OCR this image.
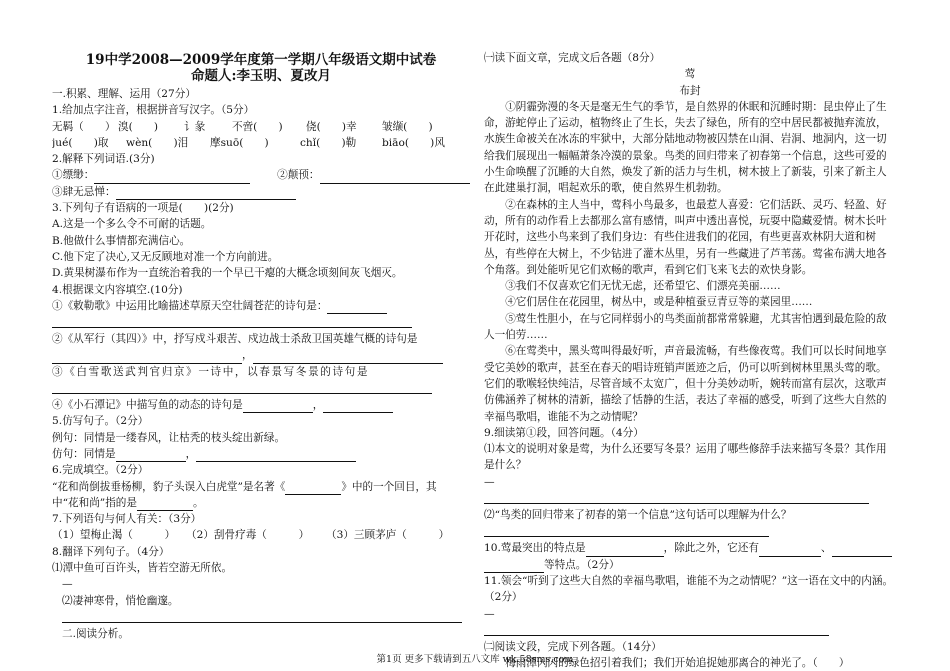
19中学2008—2009学年度第一学期八年级语文期中试卷
命题人:李玉明、夏改月
一.积累、理解、运用（27分）
1.给加点字注音，根据拼音写汉字。（5分）
无羁（　　） 溴(　　) 讠彖	不啻(　　) 侥(　　)幸 皱缬(　　)
jué(　　)取 wèn(　　)泪 摩suō(　　)	chǐ(　　)勒 biāo(　　)风
2.解释下列词语.(3分)
①缥缈：	②颠顸：
③肆无忌惮：
3.下列句子有语病的一项是(　　)(2分)
A.这是一个多么令不可耐的话题。
B.他做什么事情都充满信心。
C.他下定了决心,又无反顾地对准一个方向前进。
D.黄果树瀑布作为一直统治着我的一个早已干瘪的大概念顷刻间灰飞烟灭。
4.根据课文内容填空.(10分)
①《敕勒歌》中运用比喻描述草原天空壮阔苍茫的诗句是：
②《从军行（其四）》中，抒写戍斗艰苦、戍边战士杀敌卫国英雄气概的诗句是
，
③《白雪歌送武判官归京》一诗中，以春景写冬景的诗句是
④《小石潭记》中描写鱼的动态的诗句是	，
5.仿写句子。（2分）
例句：同情是一缕春风，让枯秃的枝头绽出新绿。
仿句：同情是	，
6.完成填空。（2分）
“花和尚倒拔垂杨柳，豹子头误入白虎堂”是名著《	》中的一个回目，其
中“花和尚”指的是	。
7.下列语句与何人有关：（3分）
（1）望梅止渴（　　　） （2）刮骨疗毒（　　　） （3）三顾茅庐（　　　）
8.翻译下列句子。（4分）
⑴潭中鱼可百许头，皆若空游无所依。
—
⑵凄神寒骨，悄怆幽邃。
二.阅读分析。
㈠读下面文章，完成文后各题（8分）
莺
布封
①阴霾弥漫的冬天是毫无生气的季节，是自然界的休眠和沉睡时期：昆虫停止了生命，游蛇停止了运动，植物终止了生长，失去了绿色，所有的空中居民都被抛弃流放，水族生命被关在冰冻的牢狱中，大部分陆地动物被囚禁在山洞、岩洞、地洞内，这一切给我们展现出一幅幅萧条冷漠的景象。鸟类的回归带来了初春第一个信息，这些可爱的小生命唤醒了沉睡的大自然，焕发了新的活力与生机，树木披上了新装，引来了新主人在此建巢打洞，唱起欢乐的歌，使自然界生机勃勃。
②在森林的主人当中，莺科小鸟最多，也最惹人喜爱：它们活跃、灵巧、轻盈、好动，所有的动作看上去都那么富有感情，叫声中透出喜悦，玩耍中隐藏爱情。树木长叶开花时，这些小鸟来到了我们身边：有些住进我们的花园，有些更喜欢林阴大道和树丛，有些停在大树上，不少钻进了灌木丛里，另有一些藏进了芦苇荡。莺雀布满大地各个角落。到处能听见它们欢畅的歌声，看到它们飞来飞去的欢快身影。
③我们不仅喜欢它们无忧无虑，还希望它、们漂亮美丽……
④它们居住在花园里，树丛中，或是种植蚕豆青豆等的菜园里……
⑤莺生性胆小，在与它同样弱小的鸟类面前都常常躲避，尤其害怕遇到最危险的敌人一伯劳……
⑥在莺类中，黑头莺叫得最好听，声音最流畅，有些像夜莺。我们可以长时间地享受它美妙的歌声，甚至在春天的唱诗班销声匿迹之后，仍可以听到树林里黑头莺的歌。它们的歌喉轻快纯洁，尽管音域不太宽广，但十分美妙动听，婉转而富有层次，这歌声仿佛涵养了树林的清新，描绘了恬静的生活，表达了幸福的感受，听到了这些大自然的幸福鸟歌唱，谁能不为之动情呢？
9.细读第①段，回答问题。（4分）
⑴本文的说明对象是莺，为什么还要写冬景？运用了哪些修辞手法来描写冬景？其作用是什么？
—
⑵“鸟类的回归带来了初春的第一个信息”这句话可以理解为什么？
10.莺最突出的特点是	，除此之外，它还有	、
等特点。（2分）
11.领会“听到了这些大自然的幸福鸟歌唱，谁能不为之动情呢？”这一语在文中的内涵。（2分）
—
㈡阅读文段，完成下列各题。（14分）
梅雨潭闪闪的绿色招引着我们；我们开始追捉她那离合的神光了。（　　）
第1页 更多下载请到五八文库 wk.58sms.com
